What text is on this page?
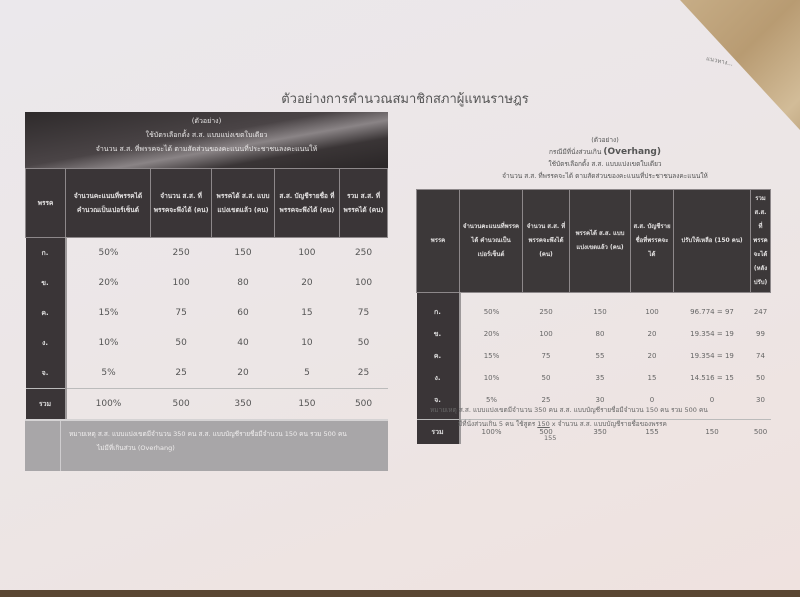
แนวทาง...
ตัวอย่างการคำนวณสมาชิกสภาผู้แทนราษฎร
(ตัวอย่าง)
ใช้บัตรเลือกตั้ง ส.ส. แบบแบ่งเขตใบเดียว
จำนวน ส.ส. ที่พรรคจะได้ ตามสัดส่วนของคะแนนที่ประชาชนลงคะแนนให้
พรรค	จำนวนคะแนนที่พรรคได้ คำนวณเป็นเปอร์เซ็นต์	จำนวน ส.ส. ที่พรรคจะพึงได้ (คน)	พรรคได้ ส.ส. แบบแบ่งเขตแล้ว (คน)	ส.ส. บัญชีรายชื่อ ที่พรรคจะพึงได้ (คน)	รวม ส.ส. ที่พรรคได้ (คน)
ก.	50%	250	150	100	250
ข.	20%	100	80	20	100
ค.	15%	75	60	15	75
ง.	10%	50	40	10	50
จ.	5%	25	20	5	25
รวม	100%	500	350	150	500
หมายเหตุ ส.ส. แบบแบ่งเขตมีจำนวน 350 คน ส.ส. แบบบัญชีรายชื่อมีจำนวน 150 คน รวม 500 คน
ไม่มีที่เกินส่วน (Overhang)
(ตัวอย่าง)
กรณีมีที่นั่งส่วนเกิน (Overhang)
ใช้บัตรเลือกตั้ง ส.ส. แบบแบ่งเขตใบเดียว
จำนวน ส.ส. ที่พรรคจะได้ ตามสัดส่วนของคะแนนที่ประชาชนลงคะแนนให้
พรรค	จำนวนคะแนนที่พรรคได้ คำนวณเป็นเปอร์เซ็นต์	จำนวน ส.ส. ที่พรรคจะพึงได้ (คน)	พรรคได้ ส.ส. แบบแบ่งเขตแล้ว (คน)	ส.ส. บัญชีรายชื่อที่พรรคจะได้	ปรับให้เหลือ (150 คน)	รวม ส.ส. ที่พรรคจะได้ (หลังปรับ)

ก.	50%	250	150	100	96.774 = 97	247
ข.	20%	100	80	20	19.354 = 19	99
ค.	15%	75	55	20	19.354 = 19	74
ง.	10%	50	35	15	14.516 = 15	50
จ.	5%	25	30	0	0	30

รวม	100%	500	350	155	150	500
หมายเหตุ ส.ส. แบบแบ่งเขตมีจำนวน 350 คน ส.ส. แบบบัญชีรายชื่อมีจำนวน 150 คน รวม 500 คน
มีที่นั่งส่วนเกิน 5 คน ใช้สูตร 150 x จำนวน ส.ส. แบบบัญชีรายชื่อของพรรค
155
